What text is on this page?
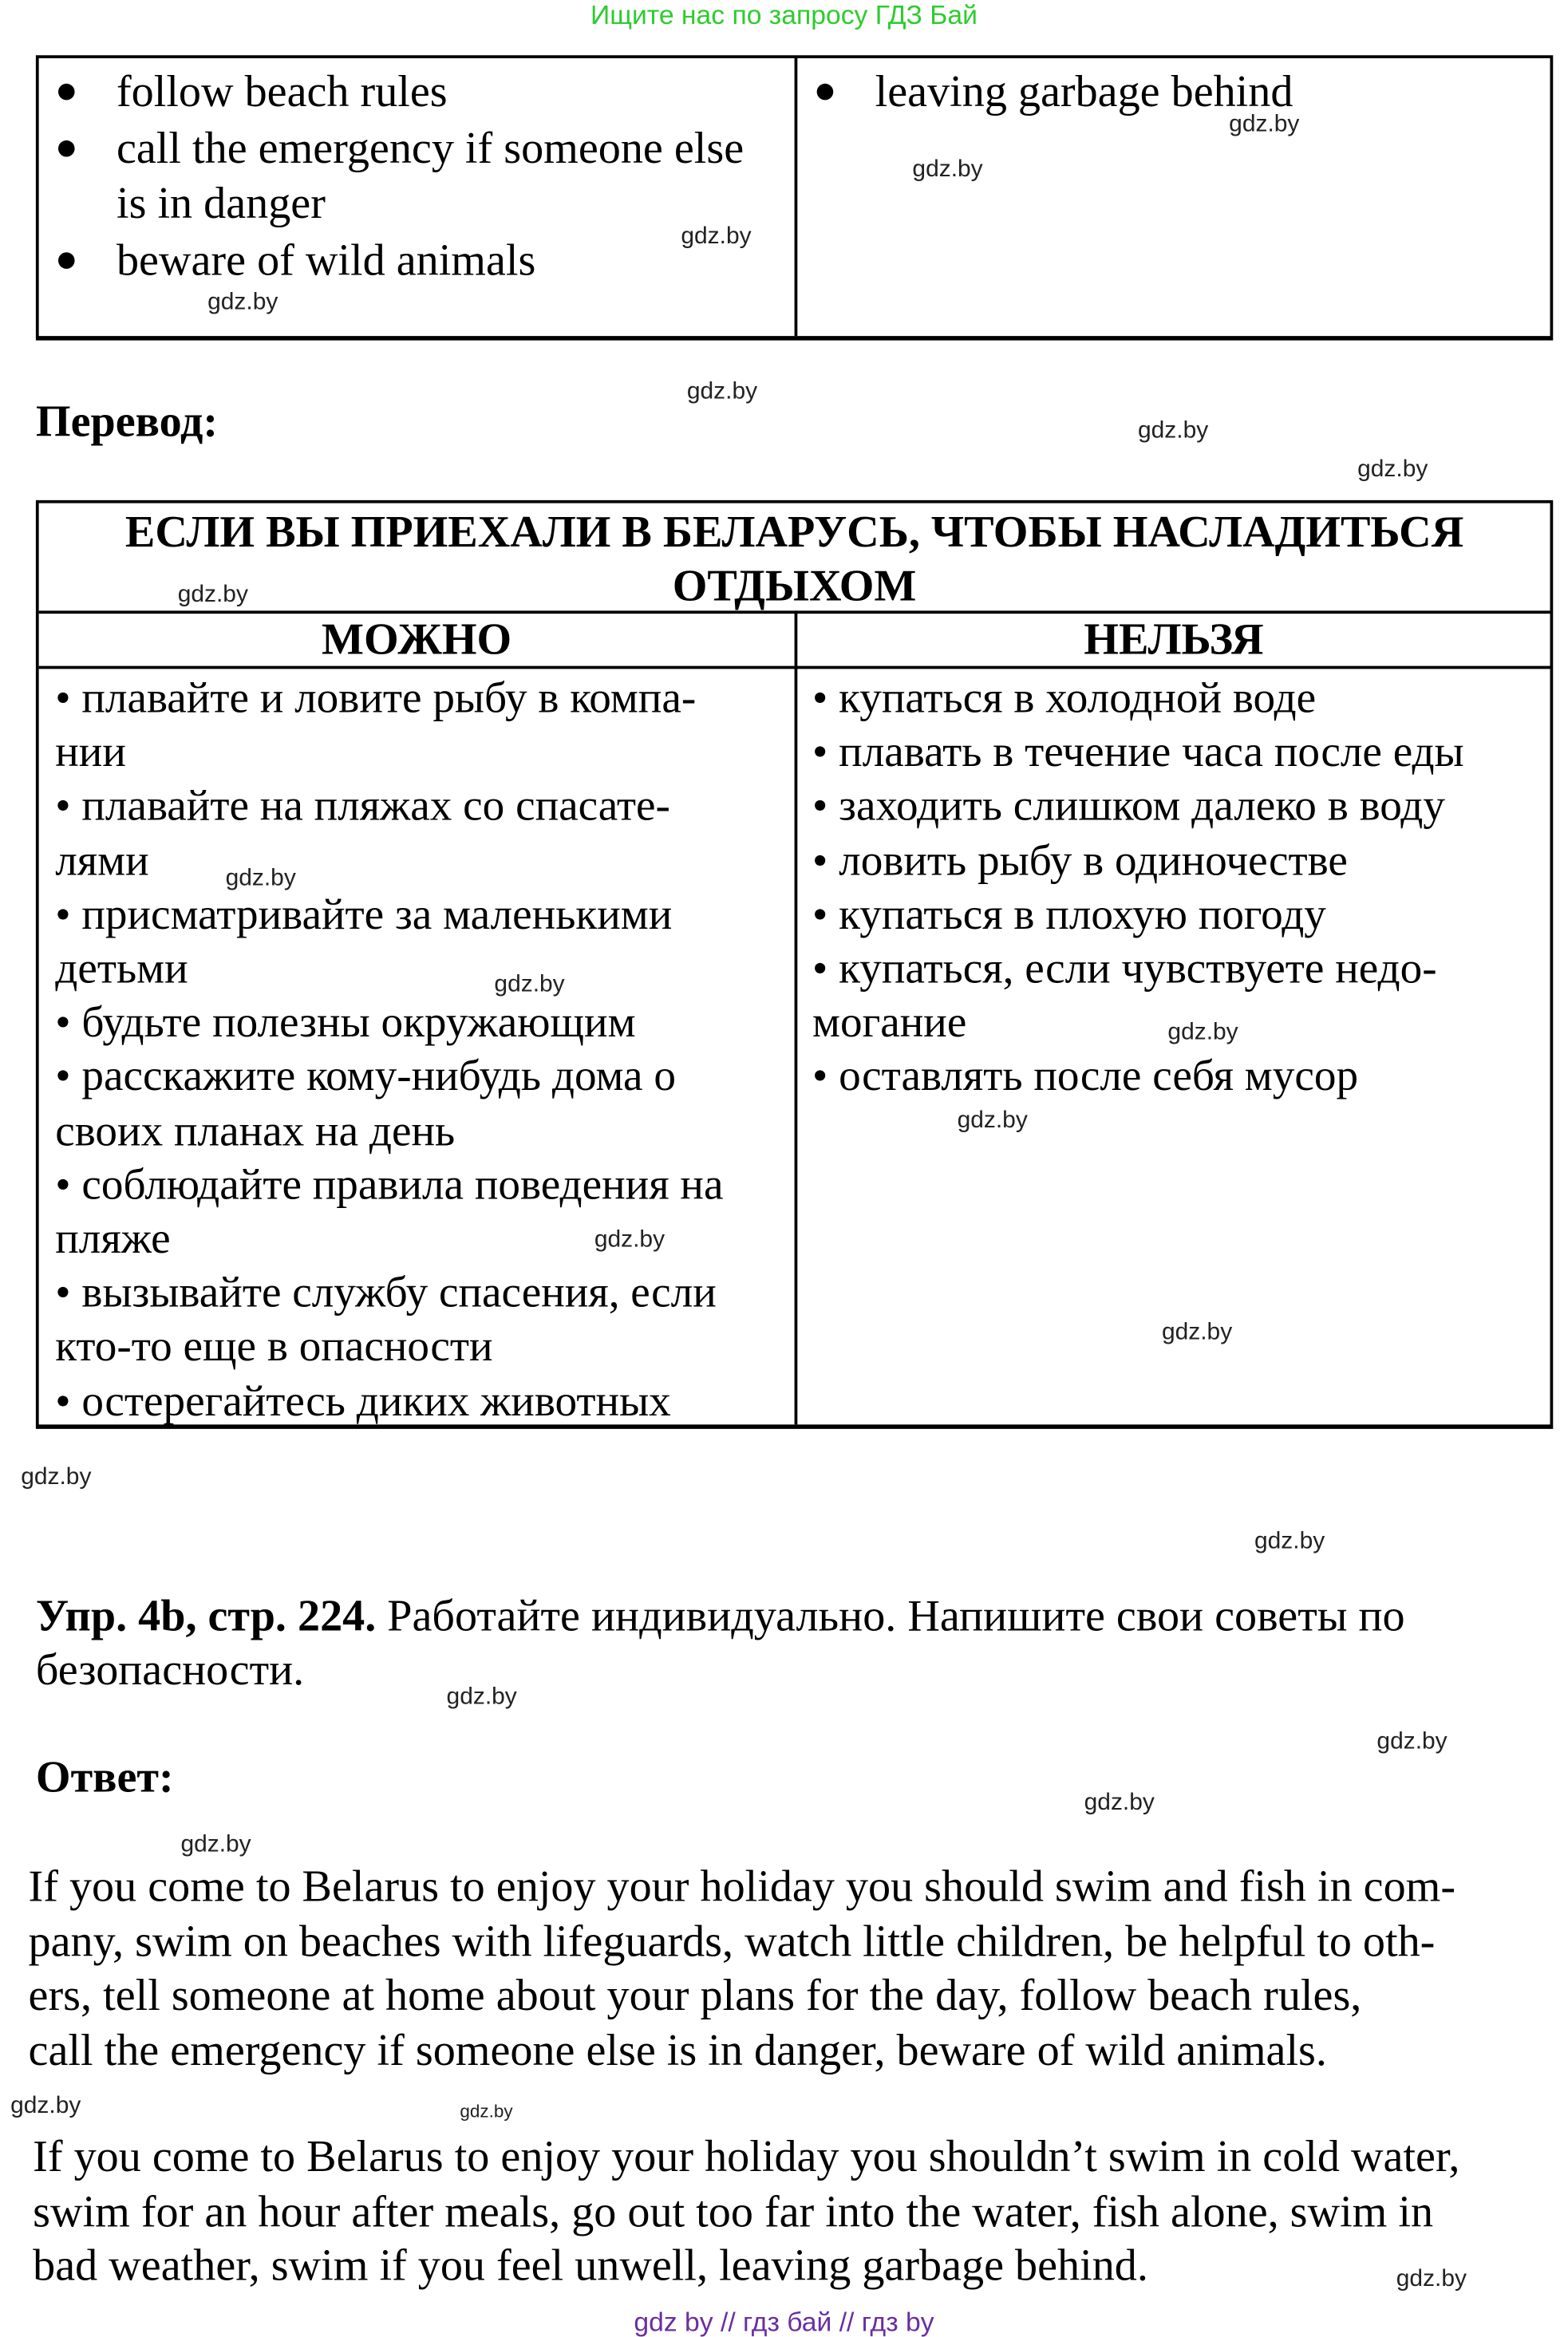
Ищите нас по запросу ГДЗ Бай
follow beach rules
call the emergency if someone else
is in danger
beware of wild animals
leaving garbage behind
Перевод:
ЕСЛИ ВЫ ПРИЕХАЛИ В БЕЛАРУСЬ, ЧТОБЫ НАСЛАДИТЬСЯ
ОТДЫХОМ
МОЖНО	НЕЛЬЗЯ
• плавайте и ловите рыбу в компа-
нии
• плавайте на пляжах со спасате-
лями
• присматривайте за маленькими
детьми
• будьте полезны окружающим
• расскажите кому-нибудь дома о
своих планах на день
• соблюдайте правила поведения на
пляже
• вызывайте службу спасения, если
кто-то еще в опасности
• остерегайтесь диких животных
• купаться в холодной воде
• плавать в течение часа после еды
• заходить слишком далеко в воду
• ловить рыбу в одиночестве
• купаться в плохую погоду
• купаться, если чувствуете недо-
могание
• оставлять после себя мусор
Упр. 4b, стр. 224. Работайте индивидуально. Напишите свои советы по
безопасности.
Ответ:
If you come to Belarus to enjoy your holiday you should swim and fish in com-
pany, swim on beaches with lifeguards, watch little children, be helpful to oth-
ers, tell someone at home about your plans for the day, follow beach rules,
call the emergency if someone else is in danger, beware of wild animals.
If you come to Belarus to enjoy your holiday you shouldn’t swim in cold water,
swim for an hour after meals, go out too far into the water, fish alone, swim in
bad weather, swim if you feel unwell, leaving garbage behind.
gdz.by
gdz.by
gdz.by
gdz.by
gdz.by
gdz.by
gdz.by
gdz.by
gdz.by
gdz.by
gdz.by
gdz.by
gdz.by
gdz.by
gdz.by
gdz.by
gdz.by
gdz.by
gdz.by
gdz.by
gdz.by
gdz.by
gdz.by
gdz by // гдз бай // гдз by
